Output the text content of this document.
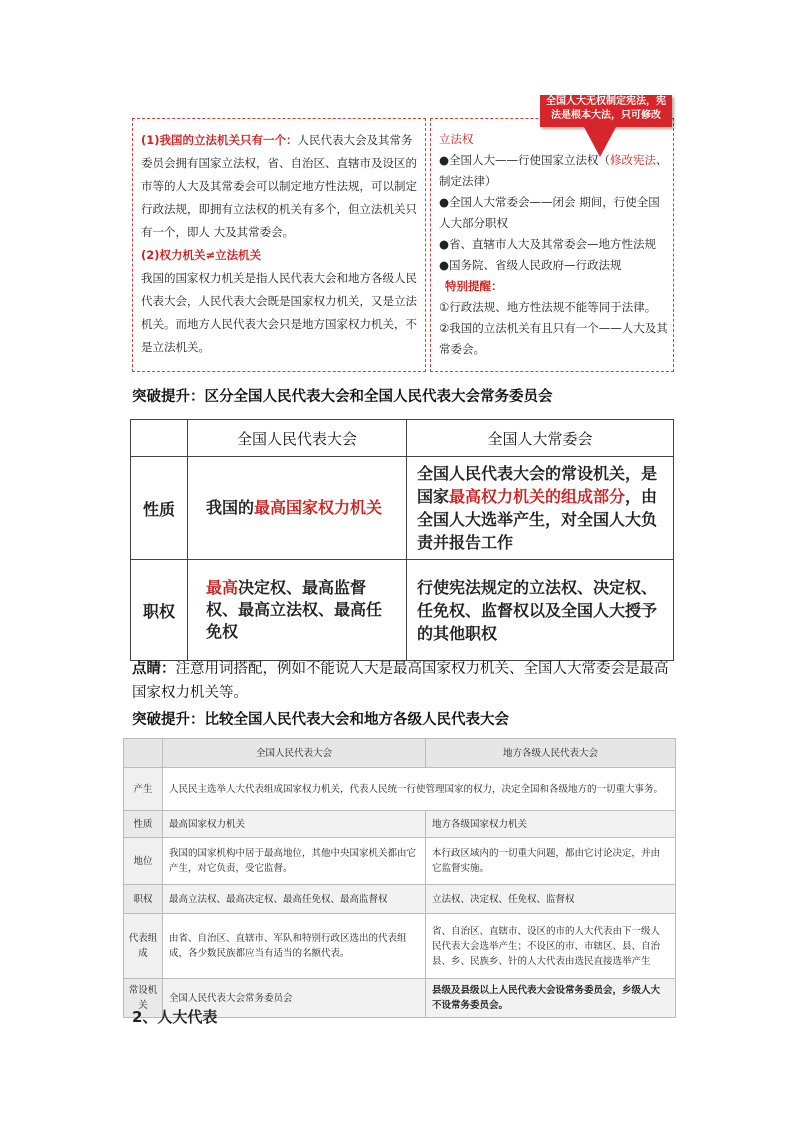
(1)我国的立法机关只有一个：人民代表大会及其常务委员会拥有国家立法权，省、自治区、直辖市及设区的市等的人大及其常委会可以制定地方性法规，可以制定行政法规，即拥有立法权的机关有多个，但立法机关只有一个，即人 大及其常委会。

(2)权力机关≠立法机关

我国的国家权力机关是指人民代表大会和地方各级人民代表大会，人民代表大会既是国家权力机关，又是立法机关。而地方人民代表大会只是地方国家权力机关，不是立法机关。

立法权

●全国人大——行使国家立法权（修改宪法、制定法律）

●全国人大常委会——闭会 期间，行使全国人大部分职权

●省、直辖市人大及其常委会—地方性法规

●国务院、省级人民政府—行政法规

特别提醒：

①行政法规、地方性法规不能等同于法律。

②我国的立法机关有且只有一个——人大及其常委会。

全国人大无权制定宪法，宪
法是根本大法，只可修改
突破提升：区分全国人民代表大会和全国人民代表大会常务委员会
	全国人民代表大会	全国人大常委会
性质	我国的最高国家权力机关	全国人民代表大会的常设机关，是国家最高权力机关的组成部分，由全国人大选举产生，对全国人大负责并报告工作
职权	最高决定权、最高监督权、最高立法权、最高任免权	行使宪法规定的立法权、决定权、任免权、监督权以及全国人大授予的其他职权
点睛：注意用词搭配，例如不能说人大是最高国家权力机关、全国人大常委会是最高国家权力机关等。
突破提升：比较全国人民代表大会和地方各级人民代表大会
	全国人民代表大会	地方各级人民代表大会
产生	人民民主选举人大代表组成国家权力机关，代表人民统一行使管理国家的权力，决定全国和各级地方的一切重大事务。	
性质	最高国家权力机关	地方各级国家权力机关
地位	我国的国家机构中居于最高地位，其他中央国家机关都由它产生，对它负责，受它监督。	本行政区域内的一切重大问题，都由它讨论决定，并由它监督实施。
职权	最高立法权、最高决定权、最高任免权、最高监督权	立法权、决定权、任免权、监督权
代表组成	由省、自治区、直辖市、军队和特别行政区选出的代表组成，各少数民族都应当有适当的名额代表。	省、自治区、直辖市、设区的市的人大代表由下一级人民代表大会选举产生；不设区的市、市辖区、县、自治县、乡、民族乡、针的人大代表由选民直接选举产生
常设机关	全国人民代表大会常务委员会	县级及县级以上人民代表大会设常务委员会，乡级人大不设常务委员会。
2、人大代表
